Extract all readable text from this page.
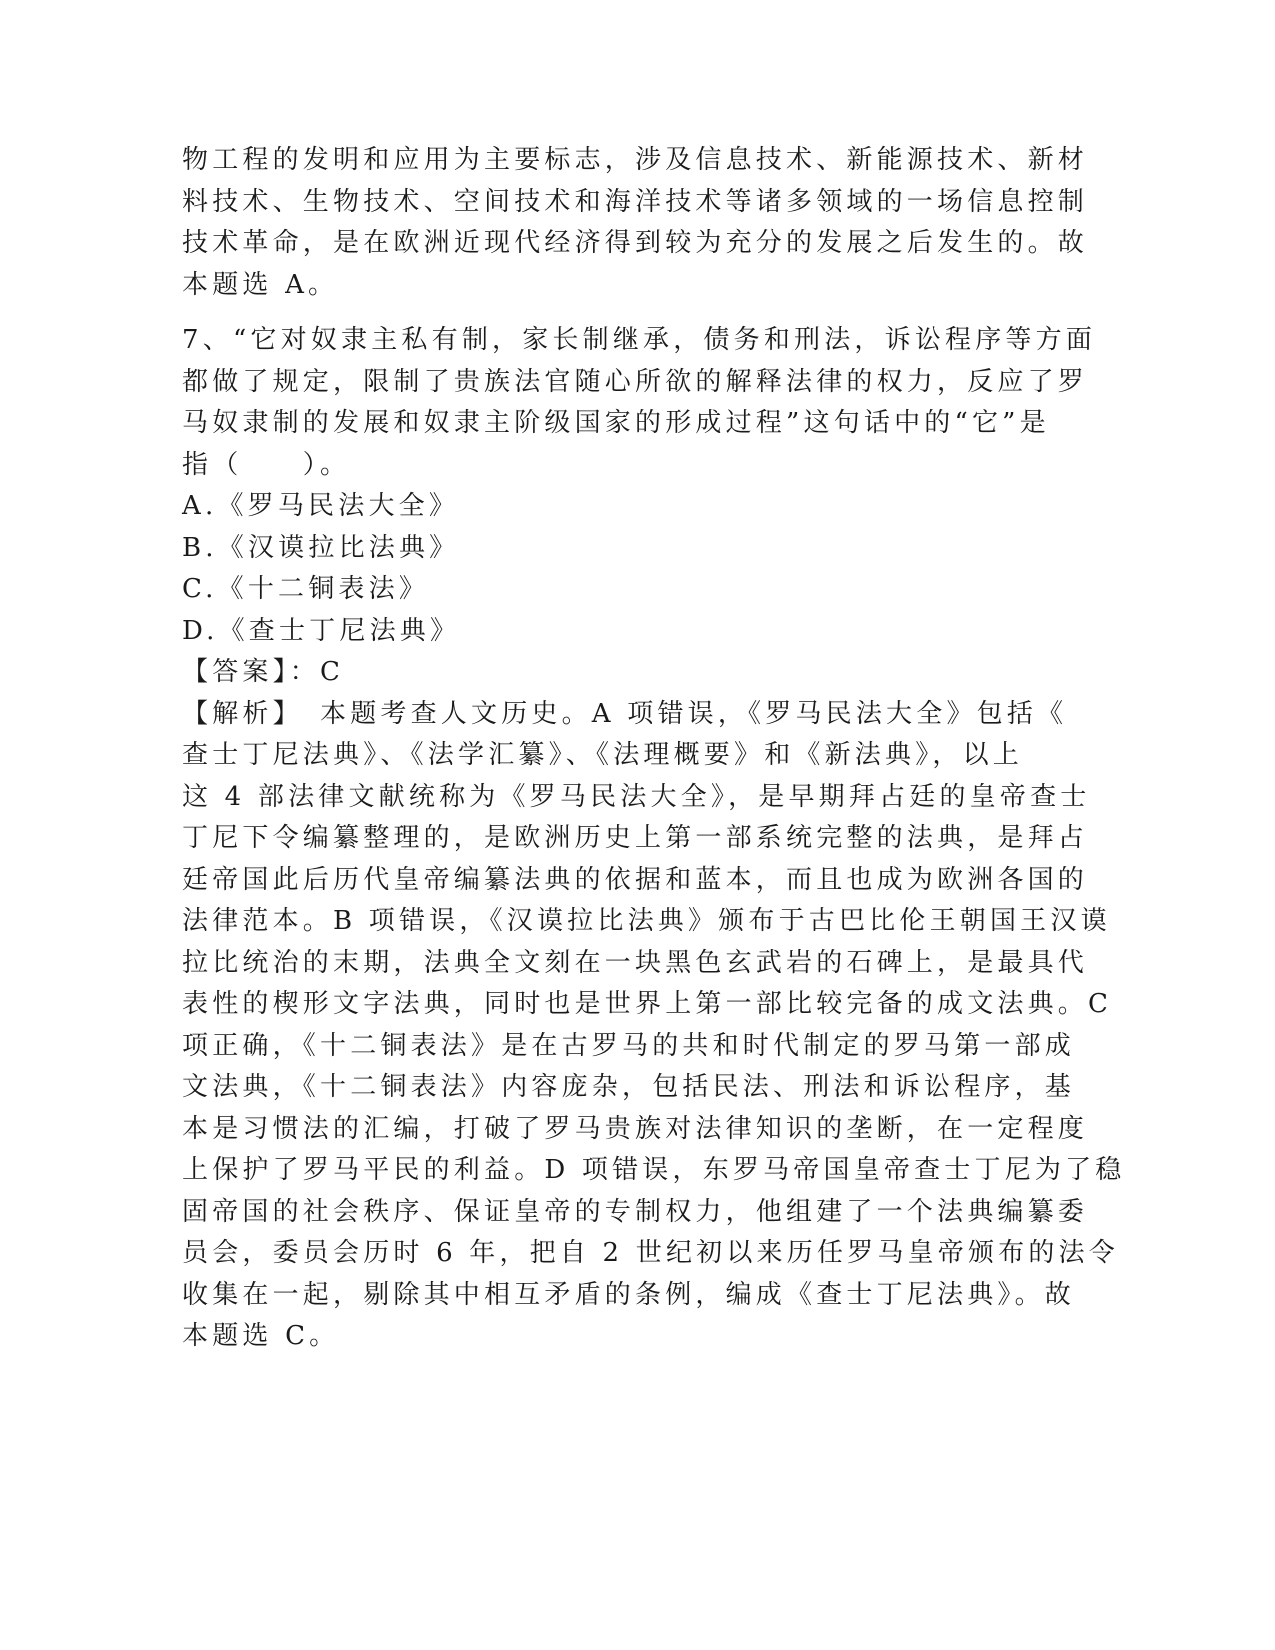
物工程的发明和应用为主要标志，涉及信息技术、新能源技术、新材
料技术、生物技术、空间技术和海洋技术等诸多领域的一场信息控制
技术革命，是在欧洲近现代经济得到较为充分的发展之后发生的。故
本题选 A。
7、“它对奴隶主私有制，家长制继承，债务和刑法，诉讼程序等方面
都做了规定，限制了贵族法官随心所欲的解释法律的权力，反应了罗
马奴隶制的发展和奴隶主阶级国家的形成过程”这句话中的“它”是
指（　　）。
A.《罗马民法大全》
B.《汉谟拉比法典》
C.《十二铜表法》
D.《查士丁尼法典》
【答案】：C
【解析】　本题考查人文历史。A 项错误，《罗马民法大全》包括《
查士丁尼法典》、《法学汇纂》、《法理概要》和《新法典》，以上
这 4 部法律文献统称为《罗马民法大全》，是早期拜占廷的皇帝查士
丁尼下令编纂整理的，是欧洲历史上第一部系统完整的法典，是拜占
廷帝国此后历代皇帝编纂法典的依据和蓝本，而且也成为欧洲各国的
法律范本。B 项错误，《汉谟拉比法典》颁布于古巴比伦王朝国王汉谟
拉比统治的末期，法典全文刻在一块黑色玄武岩的石碑上，是最具代
表性的楔形文字法典，同时也是世界上第一部比较完备的成文法典。C
项正确，《十二铜表法》是在古罗马的共和时代制定的罗马第一部成
文法典，《十二铜表法》内容庞杂，包括民法、刑法和诉讼程序，基
本是习惯法的汇编，打破了罗马贵族对法律知识的垄断，在一定程度
上保护了罗马平民的利益。D 项错误，东罗马帝国皇帝查士丁尼为了稳
固帝国的社会秩序、保证皇帝的专制权力，他组建了一个法典编纂委
员会，委员会历时 6 年，把自 2 世纪初以来历任罗马皇帝颁布的法令
收集在一起，剔除其中相互矛盾的条例，编成《查士丁尼法典》。故
本题选 C。
